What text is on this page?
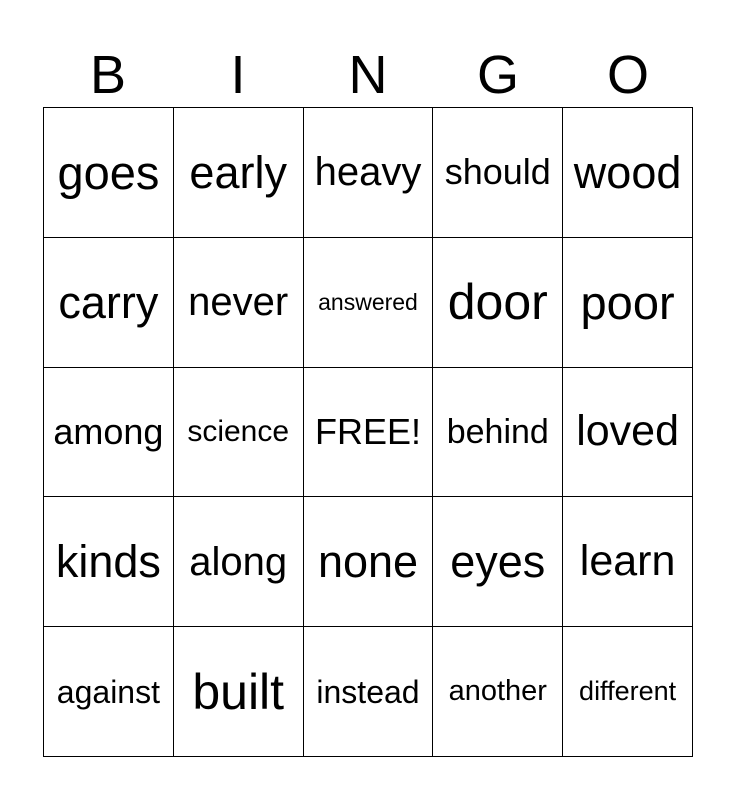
B	I	N	G	O
goes early heavy should wood
carry never	answered door poor
among science FREE! behind loved
kinds along none eyes learn
against built	instead	another	different
